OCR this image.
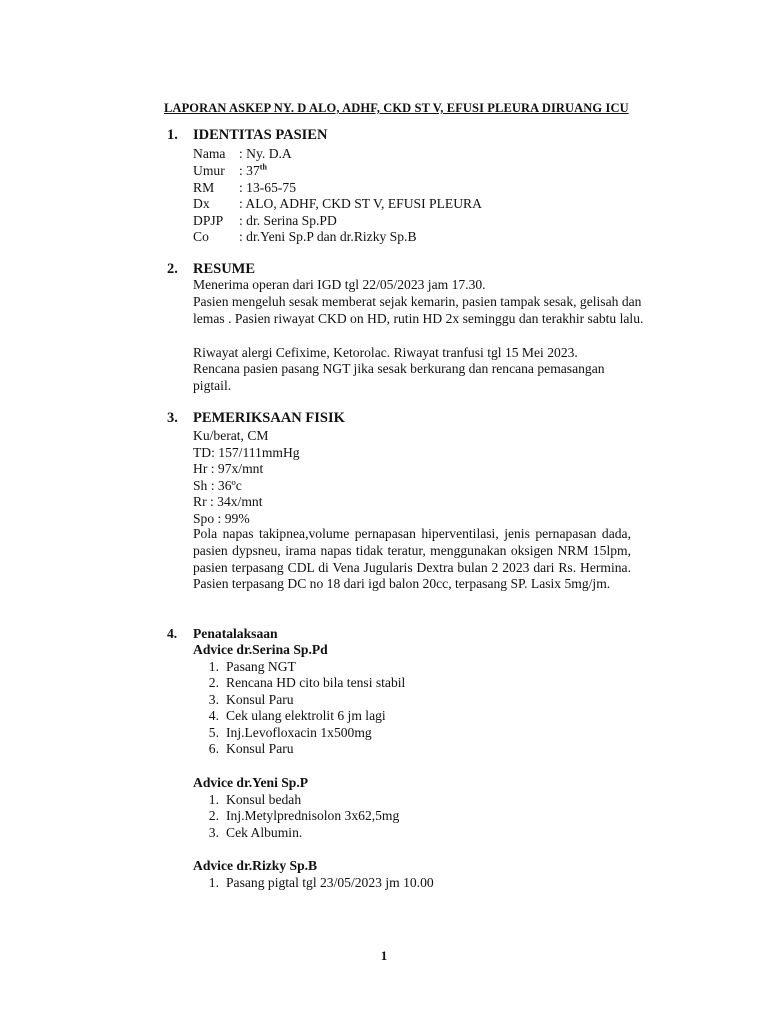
LAPORAN ASKEP NY. D ALO, ADHF, CKD ST V, EFUSI PLEURA DIRUANG ICU
1. IDENTITAS PASIEN
Nama : Ny. D.A
Umur : 37th
RM : 13-65-75
Dx : ALO, ADHF, CKD ST V, EFUSI PLEURA
DPJP : dr. Serina Sp.PD
Co : dr.Yeni Sp.P dan dr.Rizky Sp.B
2. RESUME
Menerima operan dari IGD tgl 22/05/2023 jam 17.30.
Pasien mengeluh sesak memberat sejak kemarin, pasien tampak sesak, gelisah dan lemas . Pasien riwayat CKD on HD, rutin HD 2x seminggu dan terakhir sabtu lalu.
Riwayat alergi Cefixime, Ketorolac. Riwayat tranfusi tgl 15 Mei 2023.
Rencana pasien pasang NGT jika sesak berkurang dan rencana pemasangan pigtail.
3. PEMERIKSAAN FISIK
Ku/berat, CM
TD: 157/111mmHg
Hr : 97x/mnt
Sh : 36ºc
Rr : 34x/mnt
Spo : 99%
Pola napas takipnea,volume pernapasan hiperventilasi, jenis pernapasan dada, pasien dypsneu, irama napas tidak teratur, menggunakan oksigen NRM 15lpm, pasien terpasang CDL di Vena Jugularis Dextra bulan 2 2023 dari Rs. Hermina. Pasien terpasang DC no 18 dari igd balon 20cc, terpasang SP. Lasix 5mg/jm.
4. Penatalaksaan
Advice dr.Serina Sp.Pd
1. Pasang NGT
2. Rencana HD cito bila tensi stabil
3. Konsul Paru
4. Cek ulang elektrolit 6 jm lagi
5. Inj.Levofloxacin 1x500mg
6. Konsul Paru
Advice dr.Yeni Sp.P
1. Konsul bedah
2. Inj.Metylprednisolon 3x62,5mg
3. Cek Albumin.
Advice dr.Rizky Sp.B
1. Pasang pigtal tgl 23/05/2023 jm 10.00
1
